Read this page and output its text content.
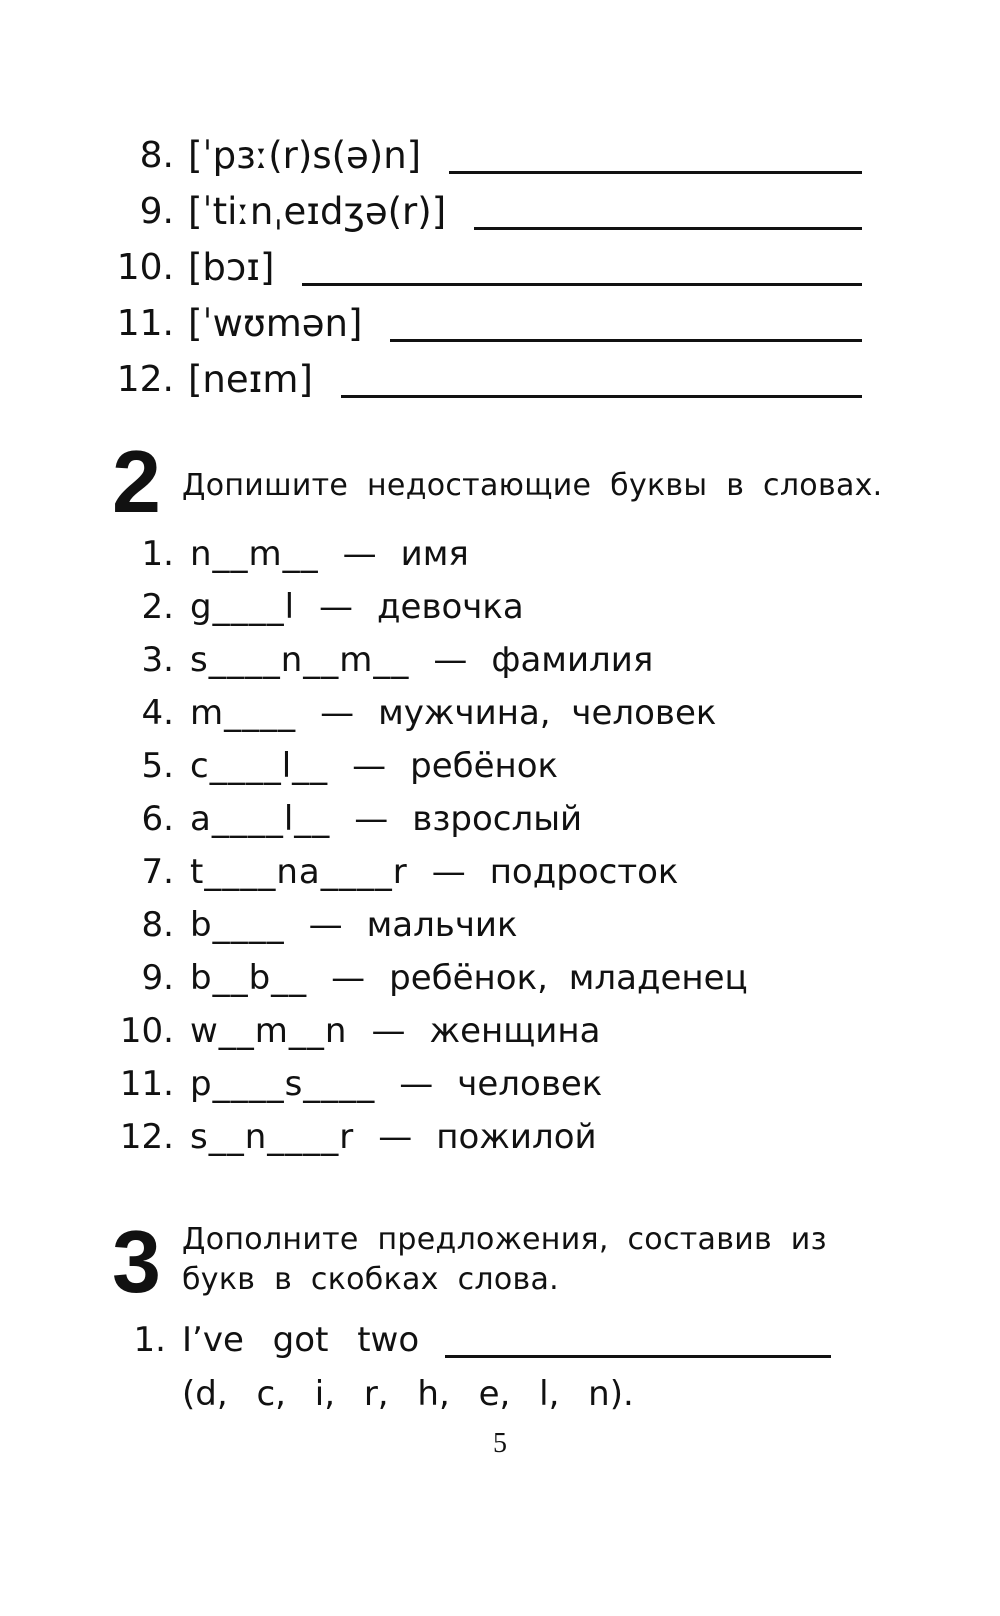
8. [ˈpɜː(r)s(ə)n]
9. [ˈtiːnˌeɪdʒə(r)]
10. [bɔɪ]
11. [ˈwʊmən]
12. [neɪm]
2 Допишите недостающие буквы в словах.
1. n__m__ — имя
2. g____l — девочка
3. s____n__m__ — фамилия
4. m____ — мужчина, человек
5. c____l__ — ребёнок
6. a____l__ — взрослый
7. t____na____r — подросток
8. b____ — мальчик
9. b__b__ — ребёнок, младенец
10. w__m__n — женщина
11. p____s____ — человек
12. s__n____r — пожилой
3 Дополните предложения, составив из
букв в скобках слова.
1. I’ve got two
(d, c, i, r, h, e, l, n).
5
